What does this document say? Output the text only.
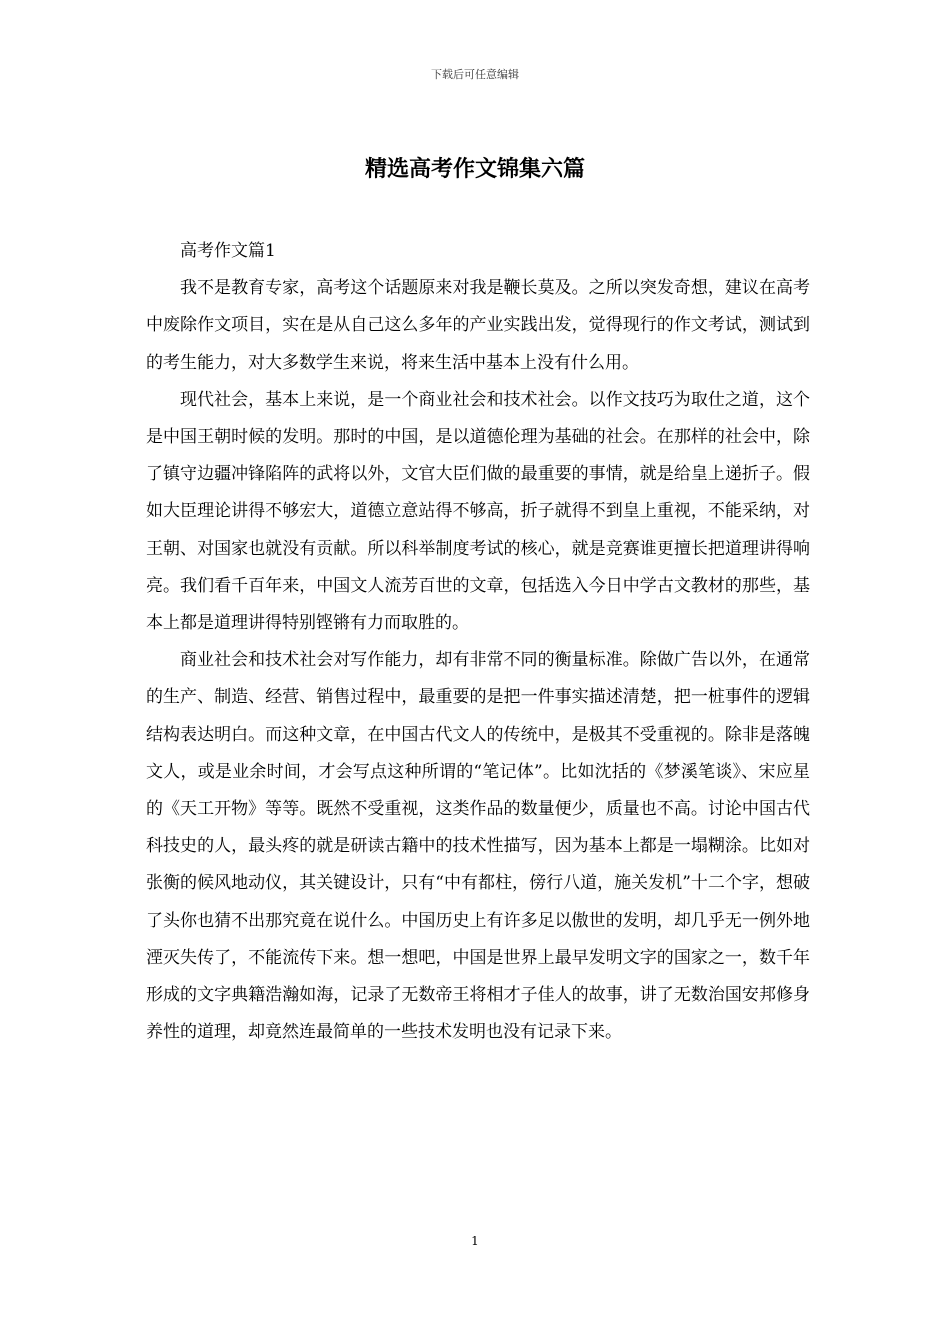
下载后可任意编辑
精选高考作文锦集六篇

高考作文篇1

我不是教育专家，高考这个话题原来对我是鞭长莫及。之所以突发奇想，建议在高考中废除作文项目，实在是从自己这么多年的产业实践出发，觉得现行的作文考试，测试到的考生能力，对大多数学生来说，将来生活中基本上没有什么用。

现代社会，基本上来说，是一个商业社会和技术社会。以作文技巧为取仕之道，这个是中国王朝时候的发明。那时的中国，是以道德伦理为基础的社会。在那样的社会中，除了镇守边疆冲锋陷阵的武将以外，文官大臣们做的最重要的事情，就是给皇上递折子。假如大臣理论讲得不够宏大，道德立意站得不够高，折子就得不到皇上重视，不能采纳，对王朝、对国家也就没有贡献。所以科举制度考试的核心，就是竞赛谁更擅长把道理讲得响亮。我们看千百年来，中国文人流芳百世的文章，包括选入今日中学古文教材的那些，基本上都是道理讲得特别铿锵有力而取胜的。

商业社会和技术社会对写作能力，却有非常不同的衡量标准。除做广告以外，在通常的生产、制造、经营、销售过程中，最重要的是把一件事实描述清楚，把一桩事件的逻辑结构表达明白。而这种文章，在中国古代文人的传统中，是极其不受重视的。除非是落魄文人，或是业余时间，才会写点这种所谓的“笔记体”。比如沈括的《梦溪笔谈》、宋应星的《天工开物》等等。既然不受重视，这类作品的数量便少，质量也不高。讨论中国古代科技史的人，最头疼的就是研读古籍中的技术性描写，因为基本上都是一塌糊涂。比如对张衡的候风地动仪，其关键设计，只有“中有都柱，傍行八道，施关发机”十二个字，想破了头你也猜不出那究竟在说什么。中国历史上有许多足以傲世的发明，却几乎无一例外地湮灭失传了，不能流传下来。想一想吧，中国是世界上最早发明文字的国家之一，数千年形成的文字典籍浩瀚如海，记录了无数帝王将相才子佳人的故事，讲了无数治国安邦修身养性的道理，却竟然连最简单的一些技术发明也没有记录下来。

1
